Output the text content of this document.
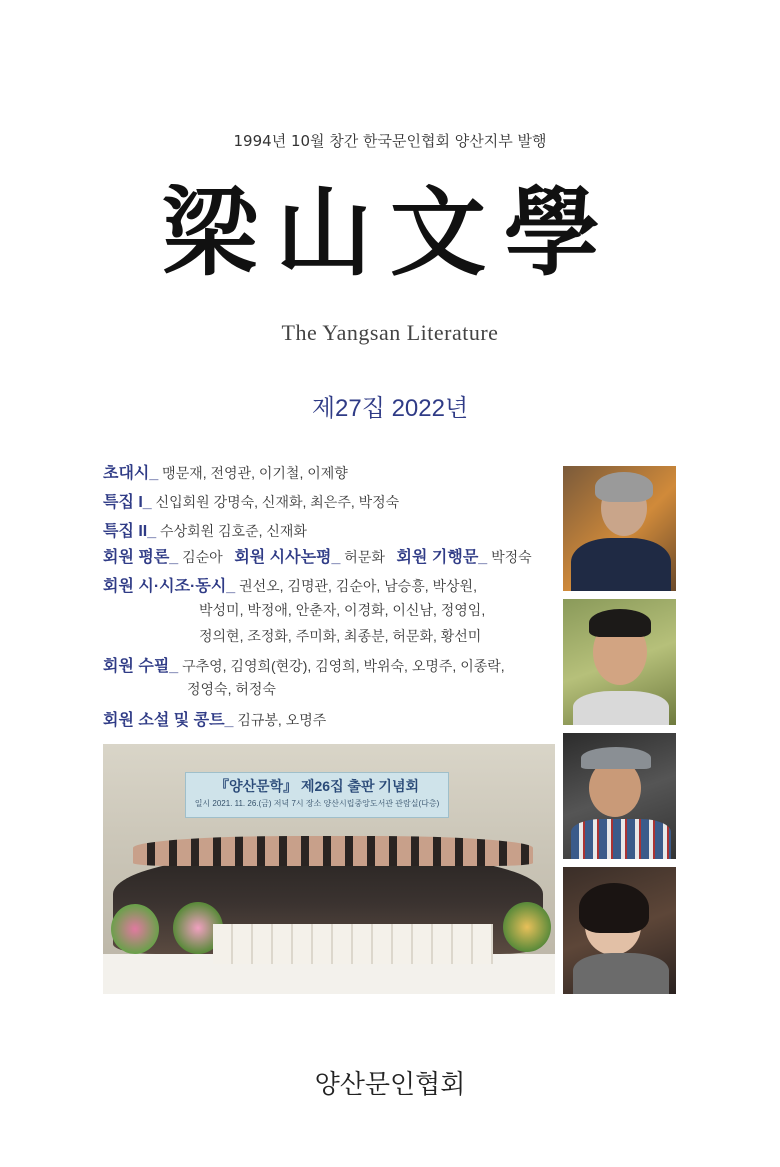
1994년 10월 창간 한국문인협회 양산지부 발행
梁山文學
The Yangsan Literature
제27집 2022년
초대시_ 맹문재, 전영관, 이기철, 이제향
특집 I_ 신입회원 강명숙, 신재화, 최은주, 박정숙
특집 II_ 수상회원 김호준, 신재화
회원 평론_ 김순아 회원 시사논평_ 허문화 회원 기행문_ 박정숙
회원 시·시조·동시_ 권선오, 김명관, 김순아, 남승흥, 박상원,
박성미, 박정애, 안춘자, 이경화, 이신남, 정영임,
정의현, 조정화, 주미화, 최종분, 허문화, 황선미
회원 수필_ 구추영, 김영희(현강), 김영희, 박위숙, 오명주, 이종락,
정영숙, 허정숙
회원 소설 및 콩트_ 김규봉, 오명주
『양산문학』 제26집 출판 기념회
일시 2021. 11. 26.(금) 저녁 7시 장소 양산시립중앙도서관 관람실(다층)
양산문인협회
